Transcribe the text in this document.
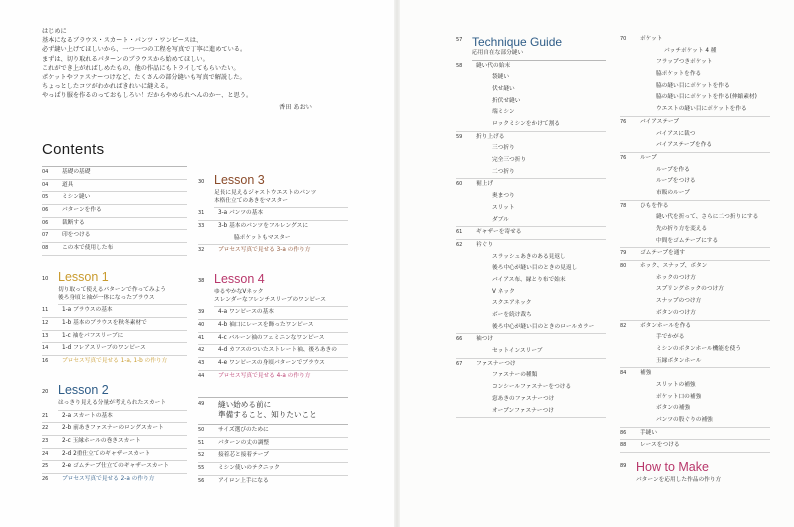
はじめに
基本になるブラウス・スカート・パンツ・ワンピースは、
必ず縫い上げてほしいから、一つ一つの工程を写真で丁寧に進めている。
まずは、切り取れるパターンのブラウスから始めてほしい。
これができ上がればしめたもの、他の作品にもトライしてもらいたい。
ポケットやファスナーつけなど、たくさんの部分縫いも写真で解説した。
ちょっとしたコツがわかればきれいに縫える。
やっぱり服を作るのっておもしろい！だからやめられへんのか〜、と思う。
香田 あおい
Contents
04	基礎の基礎
04	道具
05	ミシン縫い
06	パターンを作る
06	裁断する
07	印をつける
08	この本で使用した布
10 Lesson 1
切り取って使えるパターンで作ってみよう
後ろ身頃と袖が一体になったブラウス
11	1-a ブラウスの基本
12	1-b 基本のブラウスを秋冬素材で
13	1-c 袖をパフスリーブに
14	1-d フレアスリーブのワンピース
16	プロセス写真で見せる 1-a, 1-b の作り方
20 Lesson 2
はっきり見える分量が考えられたスカート
21	2-a スカートの基本
22	2-b 前あきファスナーのロングスカート
23	2-c 玉縁ホールの巻きスカート
24	2-d 2重仕立てのギャザースカート
25	2-e ゴムテープ仕立てのギャザースカート
26	プロセス写真で見せる 2-a の作り方
30 Lesson 3
足長に見えるジャストウエストのパンツ
本格仕立てのあきをマスター
31	3-a パンツの基本
33	3-b 基本のパンツをフルレングスに
脇ポケットもマスター
32	プロセス写真で見せる 3-a の作り方
38 Lesson 4
ゆるやかなVネック
スレンダーなフレンチスリーブのワンピース
39	4-a ワンピースの基本
40	4-b 袖口にレースを飾ったワンピース
41	4-c バルーン袖のフェミニンなワンピース
42	4-d カフスのついたストレート袖、後ろあきの
43	4-e ワンピースの身頃パターンでブラウス
44	プロセス写真で見せる 4-a の作り方
49	縫い始める前に
準備すること、知りたいこと
50	サイズ選びのために
51	パターンの丈の調整
52	接着芯と接着テープ
55	ミシン使いのテクニック
56	アイロン上手になる
57 Technique Guide
応用自在な部分縫い
58	縫い代の始末
袋縫い
伏せ縫い
折伏せ縫い
端ミシン
ロックミシンをかけて割る
59	折り上げる
三つ折り
完全三つ折り
二つ折り
60	裾上げ
奥まつり
スリット
ダブル
61	ギャザーを寄せる
62	衿ぐり
スラッシュあきのある見返し
後ろ中心が縫い目のときの見返し
バイアス布、縁とり布で始末
V ネック
スクエアネック
ボーを続け裁ち
後ろ中心が縫い目のときのロールカラー
66	袖つけ
セットインスリーブ
67	ファスナーつけ
ファスナーの種類
コンシールファスナーをつける
窓あきのファスナーつけ
オープンファスナーつけ
70	ポケット
パッチポケット 4 種
フラップつきポケット
脇ポケットを作る
脇の縫い目にポケットを作る
脇の縫い目にポケットを作る(伸縮素材)
ウエストの縫い目にポケットを作る
76	バイアステープ
バイアスに裁つ
バイアステープを作る
76	ループ
ループを作る
ループをつける
市販のループ
78	ひもを作る
縫い代を折って、さらに二つ折りにする
先の折り方を変える
中間をゴムテープにする
79	ゴムテープを通す
80	ホック、スナップ、ボタン
ホックのつけ方
スプリングホックのつけ方
スナップのつけ方
ボタンのつけ方
82	ボタンホールを作る
手でかがる
ミシンのボタンホール機能を使う
玉縁ボタンホール
84	補強
スリットの補強
ポケット口の補強
ボタンの補強
パンツの股ぐりの補強
86	手縫い
88	レースをつける
89 How to Make
パターンを応用した作品の作り方
